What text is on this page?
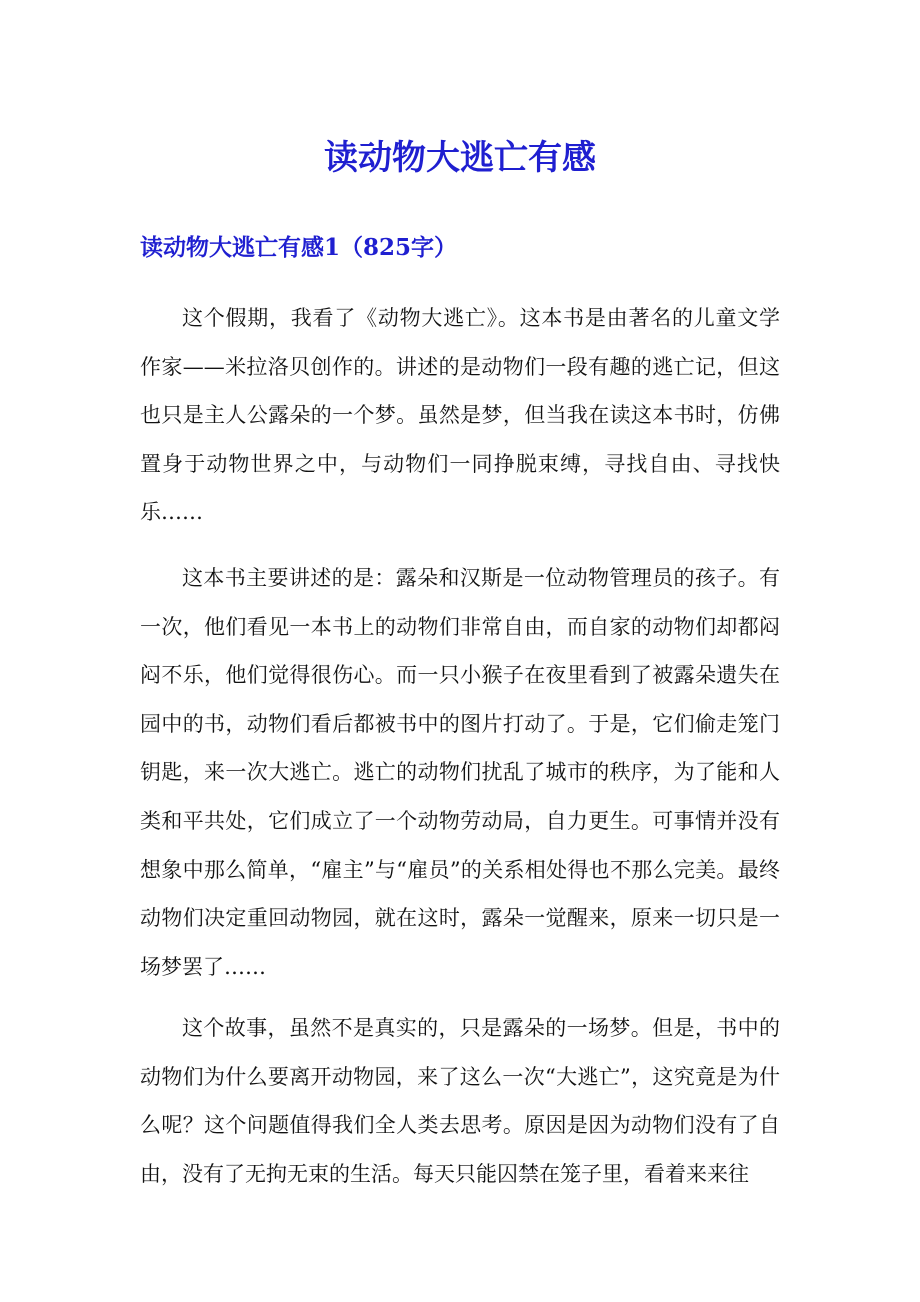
读动物大逃亡有感
读动物大逃亡有感1（825字）

这个假期，我看了《动物大逃亡》。这本书是由著名的儿童文学作家——米拉洛贝创作的。讲述的是动物们一段有趣的逃亡记，但这也只是主人公露朵的一个梦。虽然是梦，但当我在读这本书时，仿佛置身于动物世界之中，与动物们一同挣脱束缚，寻找自由、寻找快乐……

这本书主要讲述的是：露朵和汉斯是一位动物管理员的孩子。有一次，他们看见一本书上的动物们非常自由，而自家的动物们却都闷闷不乐，他们觉得很伤心。而一只小猴子在夜里看到了被露朵遗失在园中的书，动物们看后都被书中的图片打动了。于是，它们偷走笼门钥匙，来一次大逃亡。逃亡的动物们扰乱了城市的秩序，为了能和人类和平共处，它们成立了一个动物劳动局，自力更生。可事情并没有想象中那么简单，“雇主”与“雇员”的关系相处得也不那么完美。最终动物们决定重回动物园，就在这时，露朵一觉醒来，原来一切只是一场梦罢了……

这个故事，虽然不是真实的，只是露朵的一场梦。但是，书中的动物们为什么要离开动物园，来了这么一次“大逃亡”，这究竟是为什么呢？这个问题值得我们全人类去思考。原因是因为动物们没有了自由，没有了无拘无束的生活。每天只能囚禁在笼子里，看着来来往
